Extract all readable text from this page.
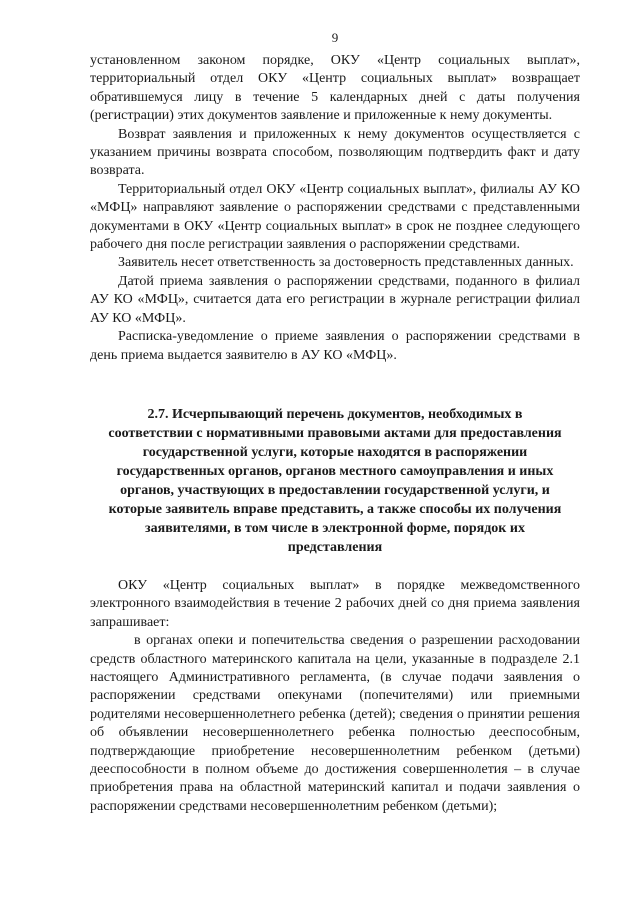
9

установленном законом порядке, ОКУ «Центр социальных выплат», территориальный отдел ОКУ «Центр социальных выплат» возвращает обратившемуся лицу в течение 5 календарных дней с даты получения (регистрации) этих документов заявление и приложенные к нему документы.

Возврат заявления и приложенных к нему документов осуществляется с указанием причины возврата способом, позволяющим подтвердить факт и дату возврата.

Территориальный отдел ОКУ «Центр социальных выплат», филиалы АУ КО «МФЦ» направляют заявление о распоряжении средствами с представленными документами в ОКУ «Центр социальных выплат» в срок не позднее следующего рабочего дня после регистрации заявления о распоряжении средствами.

Заявитель несет ответственность за достоверность представленных данных.

Датой приема заявления о распоряжении средствами, поданного в филиал АУ КО «МФЦ», считается дата его регистрации в журнале регистрации филиал АУ КО «МФЦ».

Расписка-уведомление о приеме заявления о распоряжении средствами в день приема выдается заявителю в АУ КО «МФЦ».

2.7. Исчерпывающий перечень документов, необходимых в соответствии с нормативными правовыми актами для предоставления государственной услуги, которые находятся в распоряжении государственных органов, органов местного самоуправления и иных органов, участвующих в предоставлении государственной услуги, и которые заявитель вправе представить, а также способы их получения заявителями, в том числе в электронной форме, порядок их представления

ОКУ «Центр социальных выплат» в порядке межведомственного электронного взаимодействия в течение 2 рабочих дней со дня приема заявления запрашивает:

в органах опеки и попечительства сведения о разрешении расходовании средств областного материнского капитала на цели, указанные в подразделе 2.1 настоящего Административного регламента, (в случае подачи заявления о распоряжении средствами опекунами (попечителями) или приемными родителями несовершеннолетнего ребенка (детей); сведения о принятии решения об объявлении несовершеннолетнего ребенка полностью дееспособным, подтверждающие приобретение несовершеннолетним ребенком (детьми) дееспособности в полном объеме до достижения совершеннолетия – в случае приобретения права на областной материнский капитал и подачи заявления о распоряжении средствами несовершеннолетним ребенком (детьми);
